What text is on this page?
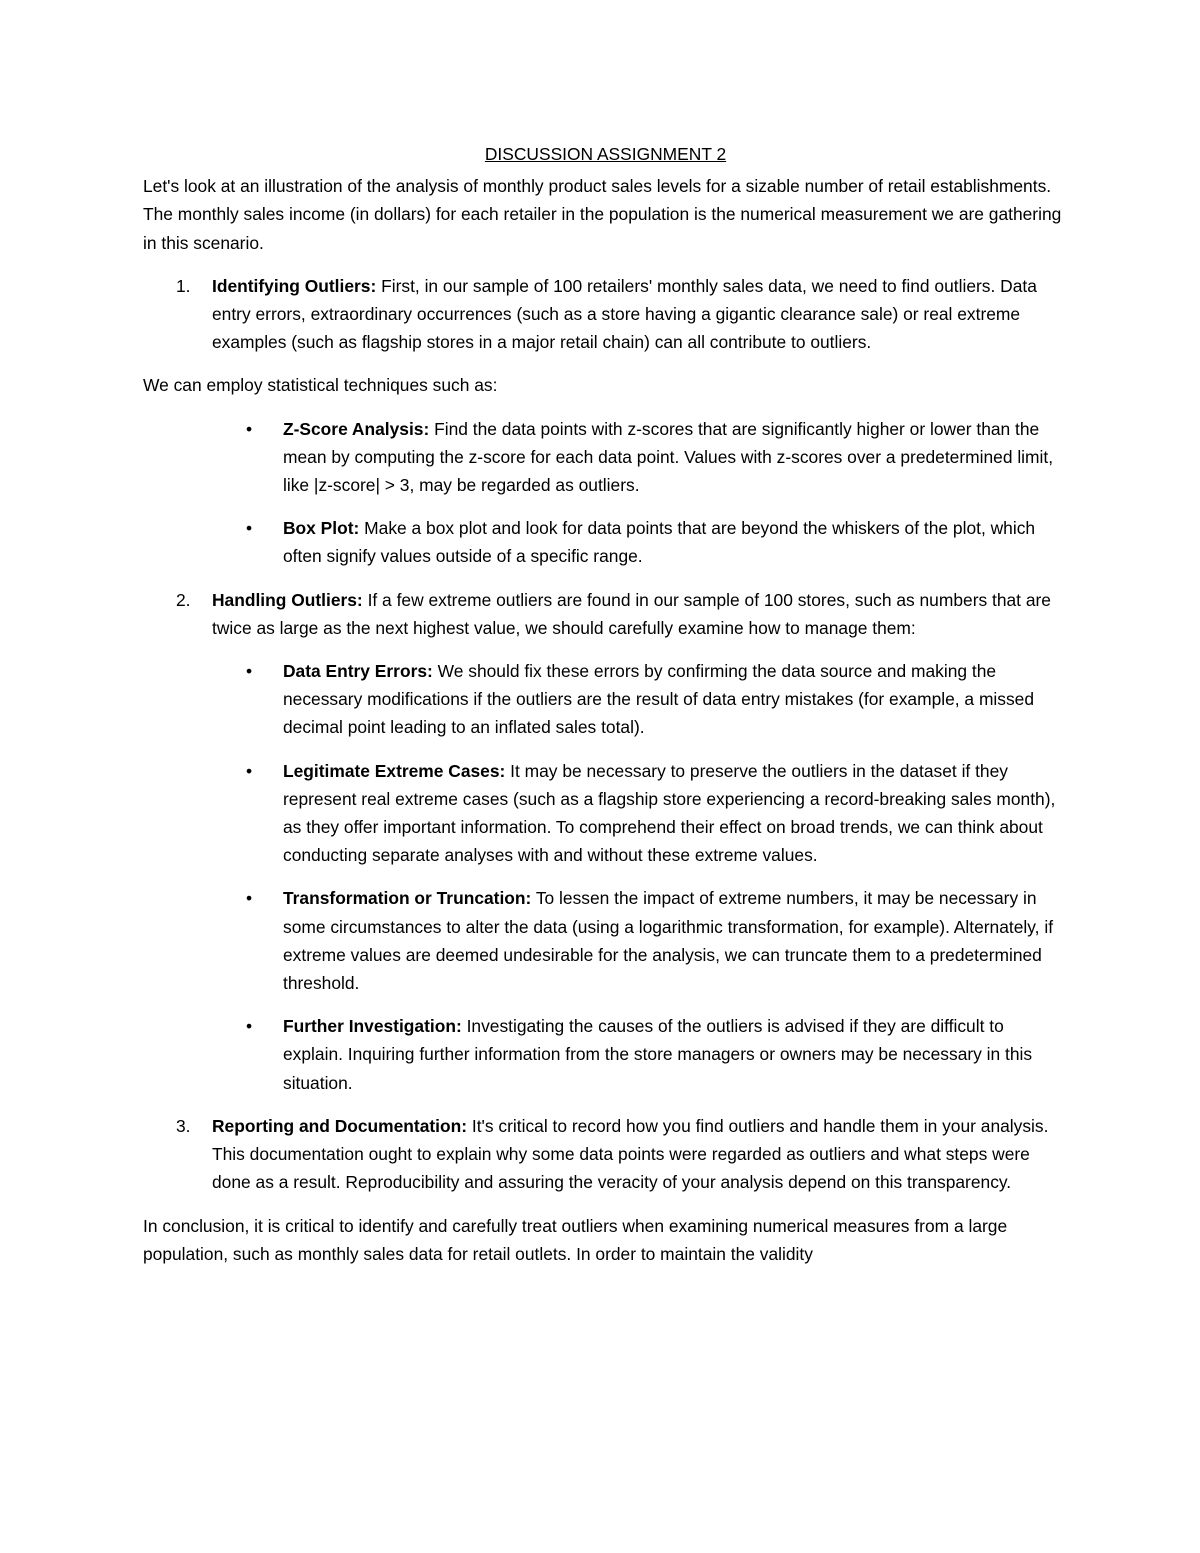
DISCUSSION ASSIGNMENT 2

Let's look at an illustration of the analysis of monthly product sales levels for a sizable number of retail establishments. The monthly sales income (in dollars) for each retailer in the population is the numerical measurement we are gathering in this scenario.

1. Identifying Outliers: First, in our sample of 100 retailers' monthly sales data, we need to find outliers. Data entry errors, extraordinary occurrences (such as a store having a gigantic clearance sale) or real extreme examples (such as flagship stores in a major retail chain) can all contribute to outliers.

We can employ statistical techniques such as:

• Z-Score Analysis: Find the data points with z-scores that are significantly higher or lower than the mean by computing the z-score for each data point. Values with z-scores over a predetermined limit, like |z-score| > 3, may be regarded as outliers.
• Box Plot: Make a box plot and look for data points that are beyond the whiskers of the plot, which often signify values outside of a specific range.
2. Handling Outliers: If a few extreme outliers are found in our sample of 100 stores, such as numbers that are twice as large as the next highest value, we should carefully examine how to manage them:
• Data Entry Errors: We should fix these errors by confirming the data source and making the necessary modifications if the outliers are the result of data entry mistakes (for example, a missed decimal point leading to an inflated sales total).
• Legitimate Extreme Cases: It may be necessary to preserve the outliers in the dataset if they represent real extreme cases (such as a flagship store experiencing a record-breaking sales month), as they offer important information. To comprehend their effect on broad trends, we can think about conducting separate analyses with and without these extreme values.
• Transformation or Truncation: To lessen the impact of extreme numbers, it may be necessary in some circumstances to alter the data (using a logarithmic transformation, for example). Alternately, if extreme values are deemed undesirable for the analysis, we can truncate them to a predetermined threshold.
• Further Investigation: Investigating the causes of the outliers is advised if they are difficult to explain. Inquiring further information from the store managers or owners may be necessary in this situation.
3. Reporting and Documentation: It's critical to record how you find outliers and handle them in your analysis. This documentation ought to explain why some data points were regarded as outliers and what steps were done as a result. Reproducibility and assuring the veracity of your analysis depend on this transparency.

In conclusion, it is critical to identify and carefully treat outliers when examining numerical measures from a large population, such as monthly sales data for retail outlets. In order to maintain the validity
